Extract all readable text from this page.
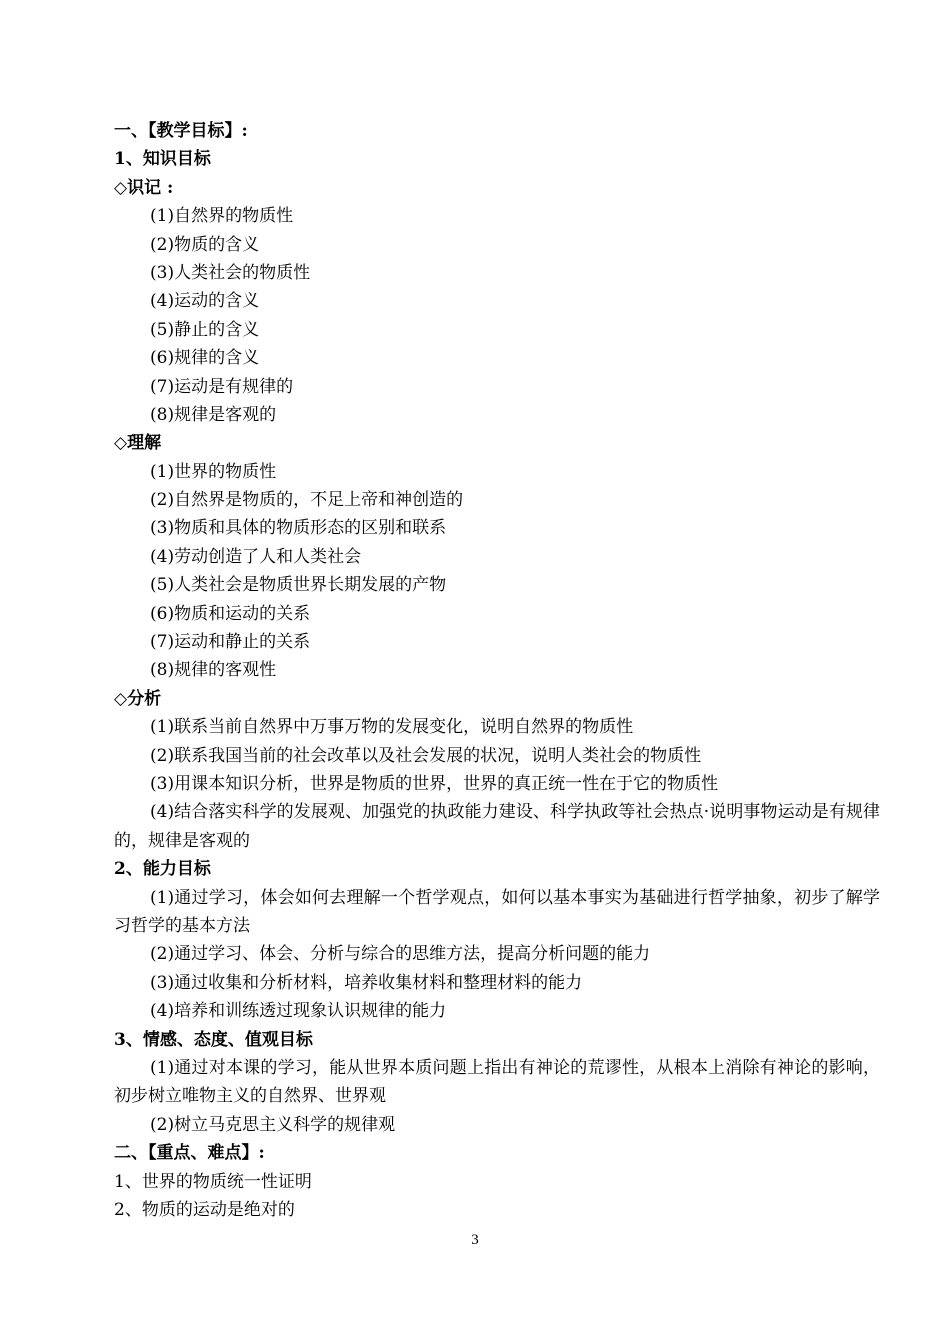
一、【教学目标】:
1、知识目标
◇识记 :
(1)自然界的物质性
(2)物质的含义
(3)人类社会的物质性
(4)运动的含义
(5)静止的含义
(6)规律的含义
(7)运动是有规律的
(8)规律是客观的
◇理解
(1)世界的物质性
(2)自然界是物质的，不足上帝和神创造的
(3)物质和具体的物质形态的区别和联系
(4)劳动创造了人和人类社会
(5)人类社会是物质世界长期发展的产物
(6)物质和运动的关系
(7)运动和静止的关系
(8)规律的客观性
◇分析
(1)联系当前自然界中万事万物的发展变化，说明自然界的物质性
(2)联系我国当前的社会改革以及社会发展的状况，说明人类社会的物质性
(3)用课本知识分析，世界是物质的世界，世界的真正统一性在于它的物质性
(4)结合落实科学的发展观、加强党的执政能力建设、科学执政等社会热点·说明事物运动是有规律的，规律是客观的
2、能力目标
(1)通过学习，体会如何去理解一个哲学观点，如何以基本事实为基础进行哲学抽象，初步了解学习哲学的基本方法
(2)通过学习、体会、分析与综合的思维方法，提高分析问题的能力
(3)通过收集和分析材料，培养收集材料和整理材料的能力
(4)培养和训练透过现象认识规律的能力
3、情感、态度、值观目标
(1)通过对本课的学习，能从世界本质问题上指出有神论的荒谬性，从根本上消除有神论的影响，初步树立唯物主义的自然界、世界观
(2)树立马克思主义科学的规律观
二、【重点、难点】:
1、世界的物质统一性证明
2、物质的运动是绝对的
3
